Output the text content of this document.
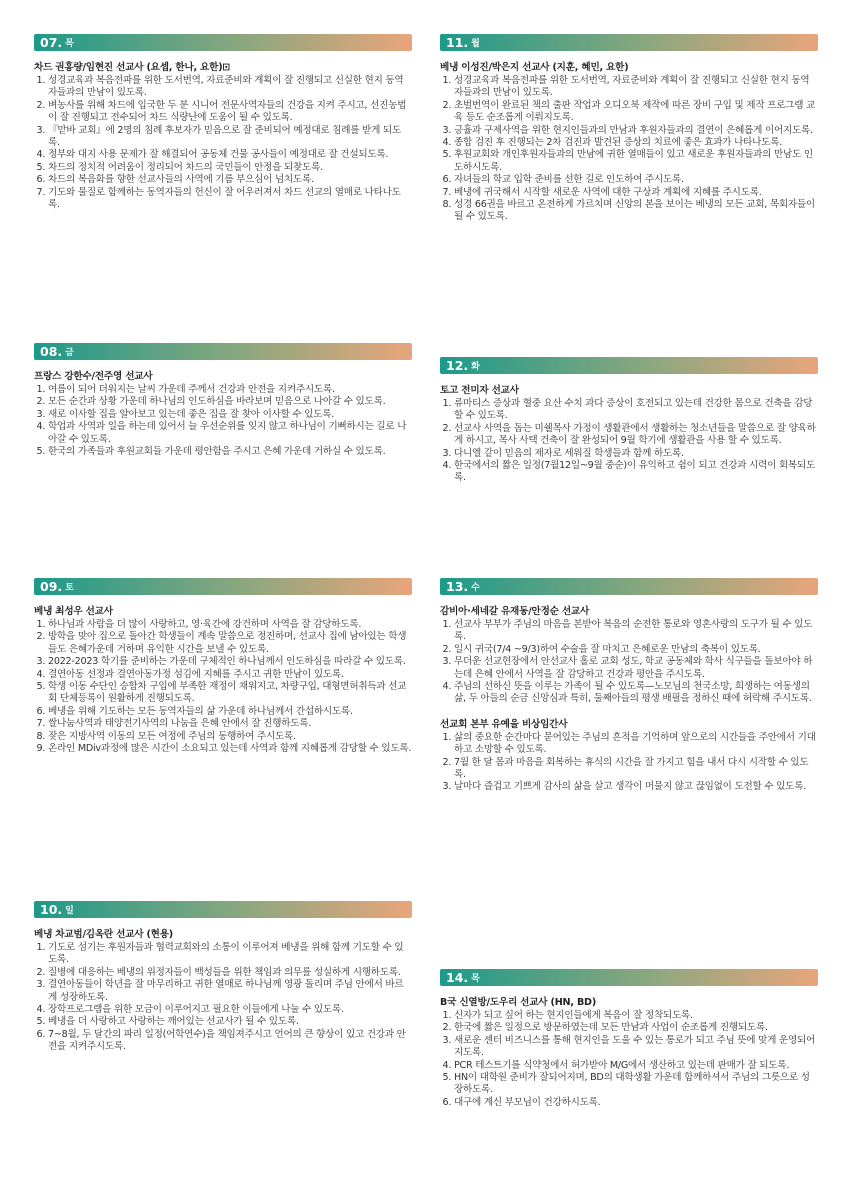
07. 목
차드 권홍량/임현진 선교사 (요셉, 한나, 요한)⊡
1. 성경교육과 복음전파를 위한 도서번역, 자료준비와 계획이 잘 진행되고 신실한 현지 동역자들과의 만남이 있도록.
2. 벼농사를 위해 차드에 입국한 두 분 시니어 전문사역자들의 건강을 지켜 주시고, 선진농법이 잘 진행되고 전수되어 차드 식량난에 도움이 될 수 있도록.
3. 『맏바 교회』에 2명의 침례 후보자가 믿음으로 잘 준비되어 예정대로 침례를 받게 되도록.
4. 정부와 대지 사용 문제가 잘 해결되어 공동체 건물 공사들이 예정대로 잘 건설되도록.
5. 차드의 정치적 어려움이 정리되어 차드의 국민들이 안정을 되찾도록.
6. 차드의 복음화를 향한 선교사들의 사역에 기름 부으심이 넘치도록.
7. 기도와 물질로 함께하는 동역자들의 헌신이 잘 어우러져서 차드 선교의 열매로 나타나도록.
08. 금
프랑스 강한수/전주영 선교사
1. 여름이 되어 더워지는 날씨 가운데 주께서 건강과 안전을 지켜주시도록.
2. 모든 순간과 상황 가운데 하나님의 인도하심을 바라보며 믿음으로 나아갈 수 있도록.
3. 새로 이사할 집을 알아보고 있는데 좋은 집을 잘 찾아 이사할 수 있도록.
4. 학업과 사역과 일을 하는데 있어서 늘 우선순위를 잊지 않고 하나님이 기뻐하시는 길로 나아갈 수 있도록.
5. 한국의 가족들과 후원교회들 가운데 평안함을 주시고 은혜 가운데 거하실 수 있도록.
09. 토
베냉 최성우 선교사
1. 하나님과 사람을 더 많이 사랑하고, 영·육간에 강건하며 사역을 잘 감당하도록.
2. 방학을 맞아 집으로 돌아간 학생들이 계속 말씀으로 정진하며, 선교사 집에 남아있는 학생들도 은혜가운데 거하며 유익한 시간을 보낼 수 있도록.
3. 2022-2023 학기를 준비하는 가운데 구체적인 하나님께서 인도하심을 따라갈 수 있도록.
4. 결연아동 선정과 결연아동가정 섬김에 지혜를 주시고 귀한 만남이 있도록.
5. 학생 이동 수단인 승합차 구입에 부족한 재정이 채워지고, 차량구입, 대형면허취득과 선교회 단체등록이 원활하게 진행되도록.
6. 베냉을 위해 기도하는 모든 동역자들의 삶 가운데 하나님께서 간섭하시도록.
7. 쌀나눔사역과 태양전기사역의 나눔을 은혜 안에서 잘 진행하도록.
8. 잦은 지방사역 이동의 모든 여정에 주님의 동행하여 주시도록.
9. 온라인 MDiv과정에 많은 시간이 소요되고 있는데 사역과 함께 지혜롭게 감당할 수 있도록.
10. 일
베냉 차교범/김옥란 선교사 (현용)
1. 기도로 섬기는 후원자들과 협력교회와의 소통이 이루어져 베냉을 위해 함께 기도할 수 있도록.
2. 질병에 대응하는 베냉의 위정자들이 백성들을 위한 책임과 의무를 성실하게 시행하도록.
3. 결연아동들이 학년을 잘 마무리하고 귀한 열매로 하나님께 영광 돌리며 주님 안에서 바르게 성장하도록.
4. 장학프로그램을 위한 모금이 이루어지고 필요한 이들에게 나눌 수 있도록.
5. 베냉을 더 사랑하고 사랑하는 깨어있는 선교사가 될 수 있도록.
6. 7~8월, 두 달간의 파리 일정(어학연수)을 책임져주시고 언어의 큰 향상이 있고 건강과 안전을 지켜주시도록.
11. 월
베냉 이성진/박은지 선교사 (지훈, 혜민, 요한)
1. 성경교육과 복음전파를 위한 도서번역, 자료준비와 계획이 잘 진행되고 신실한 현지 동역자들과의 만남이 있도록.
2. 초벌번역이 완료된 책의 출판 작업과 오디오북 제작에 따른 장비 구입 및 제작 프로그램 교육 등도 순조롭게 이뤄지도록.
3. 긍휼과 구제사역을 위한 현지인들과의 만남과 후원자들과의 결연이 은혜롭게 이어지도록.
4. 종합 검진 후 진행되는 2차 검진과 발견된 증상의 치료에 좋은 효과가 나타나도록.
5. 후원교회와 개인후원자들과의 만남에 귀한 열매들이 있고 새로운 후원자들과의 만남도 인도하시도록.
6. 자녀들의 학교 입학 준비를 선한 길로 인도하여 주시도록.
7. 베냉에 귀국해서 시작할 새로운 사역에 대한 구상과 계획에 지혜를 주시도록.
8. 성경 66권을 바르고 온전하게 가르치며 신앙의 본을 보이는 베냉의 모든 교회, 목회자들이 될 수 있도록.
12. 화
토고 전미자 선교사
1. 류마티스 증상과 혈중 요산 수치 과다 증상이 호전되고 있는데 건강한 몸으로 건축을 감당할 수 있도록.
2. 선교사 사역을 돕는 미쉘목사 가정이 생활관에서 생활하는 청소년들을 말씀으로 잘 양육하게 하시고, 목사 사택 건축이 잘 완성되어 9월 학기에 생활관을 사용 할 수 있도록.
3. 다니엘 같이 믿음의 제자로 세워질 학생들과 함께 하도록.
4. 한국에서의 짧은 일정(7월12일~9월 중순)이 유익하고 쉼이 되고 건강과 시력이 회복되도록.
13. 수
감비아·세네갈 유재동/안정순 선교사
1. 선교사 부부가 주님의 마음을 본받아 복음의 순전한 통로와 영혼사랑의 도구가 될 수 있도록.
2. 일시 귀국(7/4 ~9/3)하여 수술을 잘 마치고 은혜로운 만남의 축복이 있도록.
3. 무더운 선교현장에서 안선교사 홀로 교회 성도, 학교 공동체와 학사 식구들을 돌보아야 하는데 은혜 안에서 사역을 잘 감당하고 건강과 평안을 주시도록.
4. 주님의 선하신 뜻을 이루는 가족이 될 수 있도록—노모님의 천국소망, 희생하는 여동생의 삶, 두 아들의 순금 신앙심과 특히, 둘째아들의 평생 배필을 정하신 때에 허락해 주시도록.
선교회 본부 유예을 비상임간사
1. 삶의 중요한 순간마다 묻어있는 주님의 흔적을 기억하며 앞으로의 시간들을 주안에서 기대하고 소망할 수 있도록.
2. 7월 한 달 몸과 마음을 회복하는 휴식의 시간을 잘 가지고 힘을 내서 다시 시작할 수 있도록.
3. 날마다 즐겁고 기쁘게 감사의 삶을 살고 생각이 머물지 않고 끊임없이 도전할 수 있도록.
14. 목
B국 신열방/도우리 선교사 (HN, BD)
1. 신자가 되고 싶어 하는 현지인들에게 복음이 잘 정착되도록.
2. 한국에 짧은 일정으로 방문하였는데 모든 만남과 사업이 순조롭게 진행되도록.
3. 새로운 센터 비즈니스를 통해 현지인을 도울 수 있는 통로가 되고 주님 뜻에 맞게 운영되어지도록.
4. PCR 테스트기를 식약청에서 허가받아 M/G에서 생산하고 있는데 판매가 잘 되도록.
5. HN이 대학원 준비가 잘되어지며, BD의 대학생활 가운데 함께하셔서 주님의 그릇으로 성장하도록.
6. 대구에 계신 부모님이 건강하시도록.
